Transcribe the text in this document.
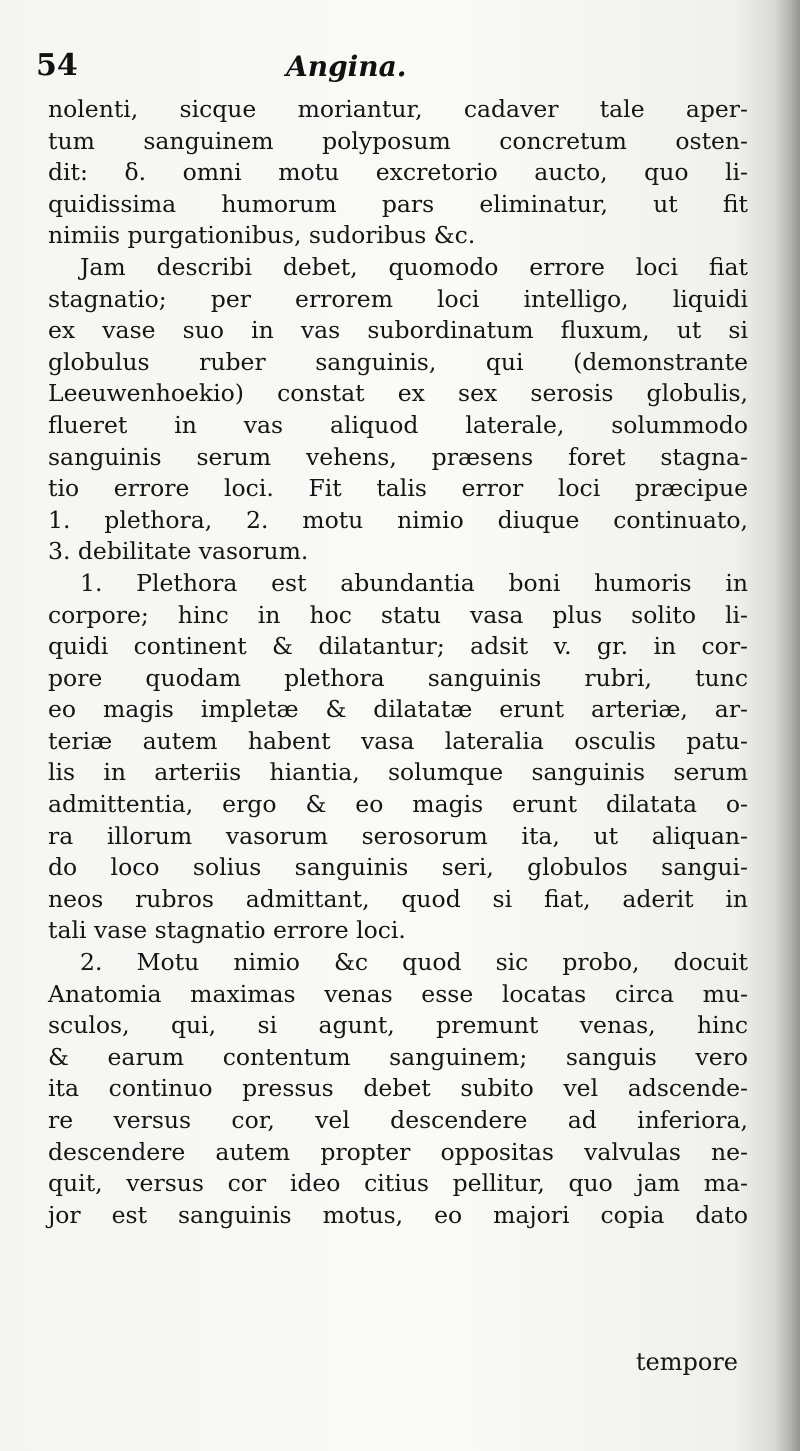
54	Angina.
nolenti, sicque moriantur, cadaver tale aper-
tum sanguinem polyposum concretum osten-
dit: δ. omni motu excretorio aucto, quo li-
quidissima humorum pars eliminatur, ut fit
nimiis purgationibus, sudoribus &c.
Jam describi debet, quomodo errore loci fiat
stagnatio; per errorem loci intelligo, liquidi
ex vase suo in vas subordinatum fluxum, ut si
globulus ruber sanguinis, qui (demonstrante
Leeuwenhoekio) constat ex sex serosis globulis,
flueret in vas aliquod laterale, solummodo
sanguinis serum vehens, præsens foret stagna-
tio errore loci. Fit talis error loci præcipue
1. plethora, 2. motu nimio diuque continuato,
3. debilitate vasorum.
1. Plethora est abundantia boni humoris in
corpore; hinc in hoc statu vasa plus solito li-
quidi continent & dilatantur; adsit v. gr. in cor-
pore quodam plethora sanguinis rubri, tunc
eo magis impletæ & dilatatæ erunt arteriæ, ar-
teriæ autem habent vasa lateralia osculis patu-
lis in arteriis hiantia, solumque sanguinis serum
admittentia, ergo & eo magis erunt dilatata o-
ra illorum vasorum serosorum ita, ut aliquan-
do loco solius sanguinis seri, globulos sangui-
neos rubros admittant, quod si fiat, aderit in
tali vase stagnatio errore loci.
2. Motu nimio &c quod sic probo, docuit
Anatomia maximas venas esse locatas circa mu-
sculos, qui, si agunt, premunt venas, hinc
& earum contentum sanguinem; sanguis vero
ita continuo pressus debet subito vel adscende-
re versus cor, vel descendere ad inferiora,
descendere autem propter oppositas valvulas ne-
quit, versus cor ideo citius pellitur, quo jam ma-
jor est sanguinis motus, eo majori copia dato
tempore
